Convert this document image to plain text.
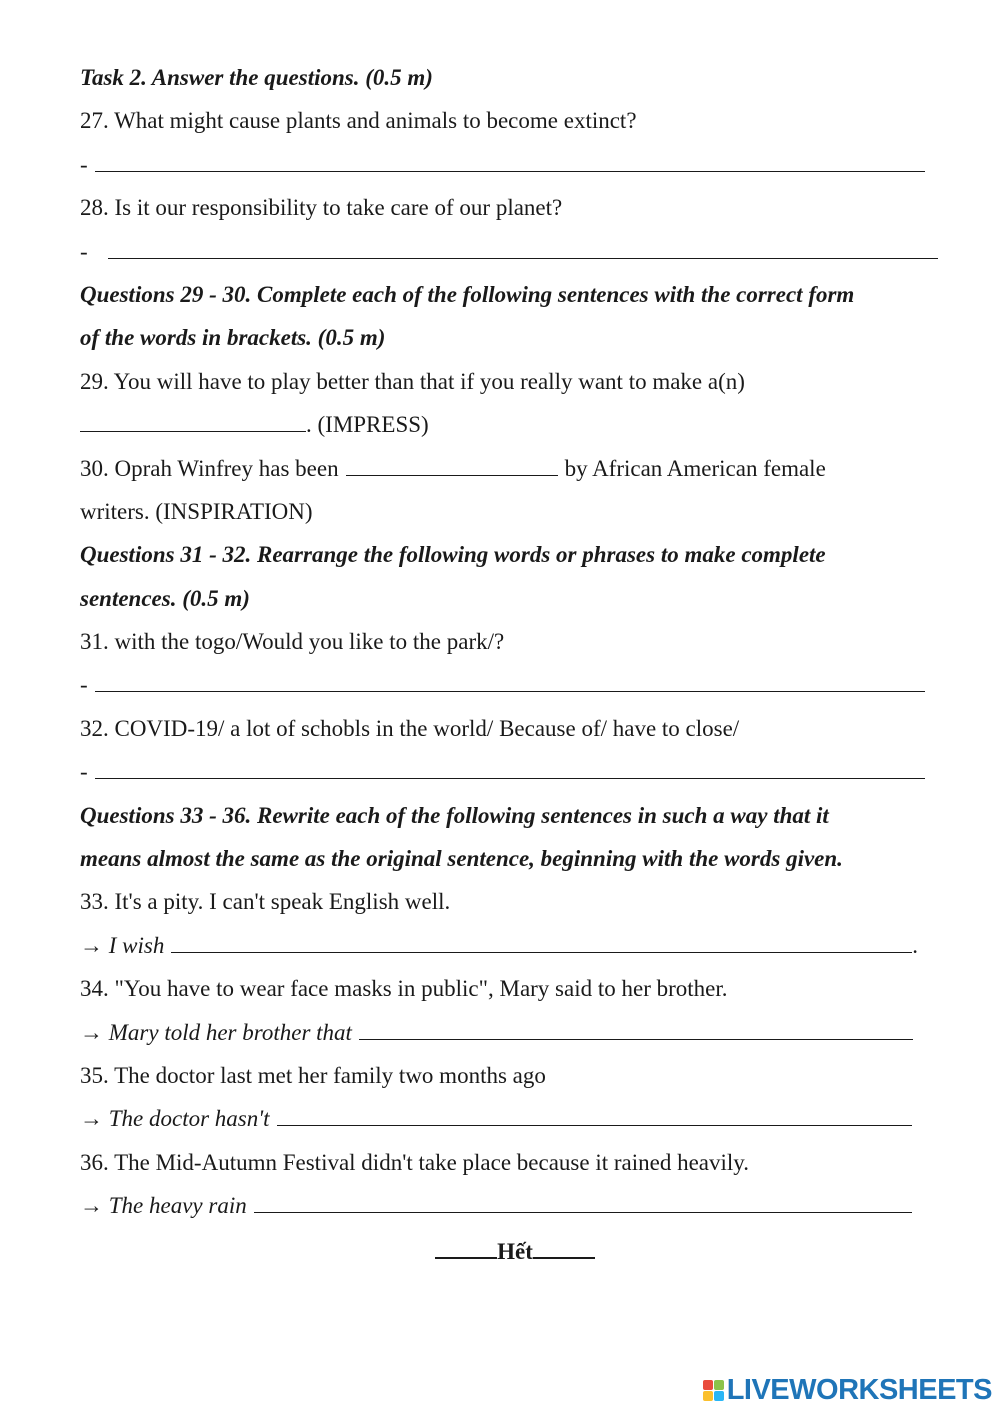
Task 2. Answer the questions. (0.5 m)
27. What might cause plants and animals to become extinct?
-
28. Is it our responsibility to take care of our planet?
-
Questions 29 - 30. Complete each of the following sentences with the correct form
of the words in brackets. (0.5 m)
29. You will have to play better than that if you really want to make a(n)
. (IMPRESS)
30. Oprah Winfrey has been	by African American female
writers. (INSPIRATION)
Questions 31 - 32. Rearrange the following words or phrases to make complete
sentences. (0.5 m)
31. with the togo/Would you like to the park/?
-
32. COVID-19/ a lot of schobls in the world/ Because of/ have to close/
-
Questions 33 - 36. Rewrite each of the following sentences in such a way that it
means almost the same as the original sentence, beginning with the words given.
33. It's a pity. I can't speak English well.
→ I wish	.
34. "You have to wear face masks in public", Mary said to her brother.
→ Mary told her brother that
35. The doctor last met her family two months ago
→ The doctor hasn't
36. The Mid-Autumn Festival didn't take place because it rained heavily.
→ The heavy rain
Hết
LIVEWORKSHEETS
